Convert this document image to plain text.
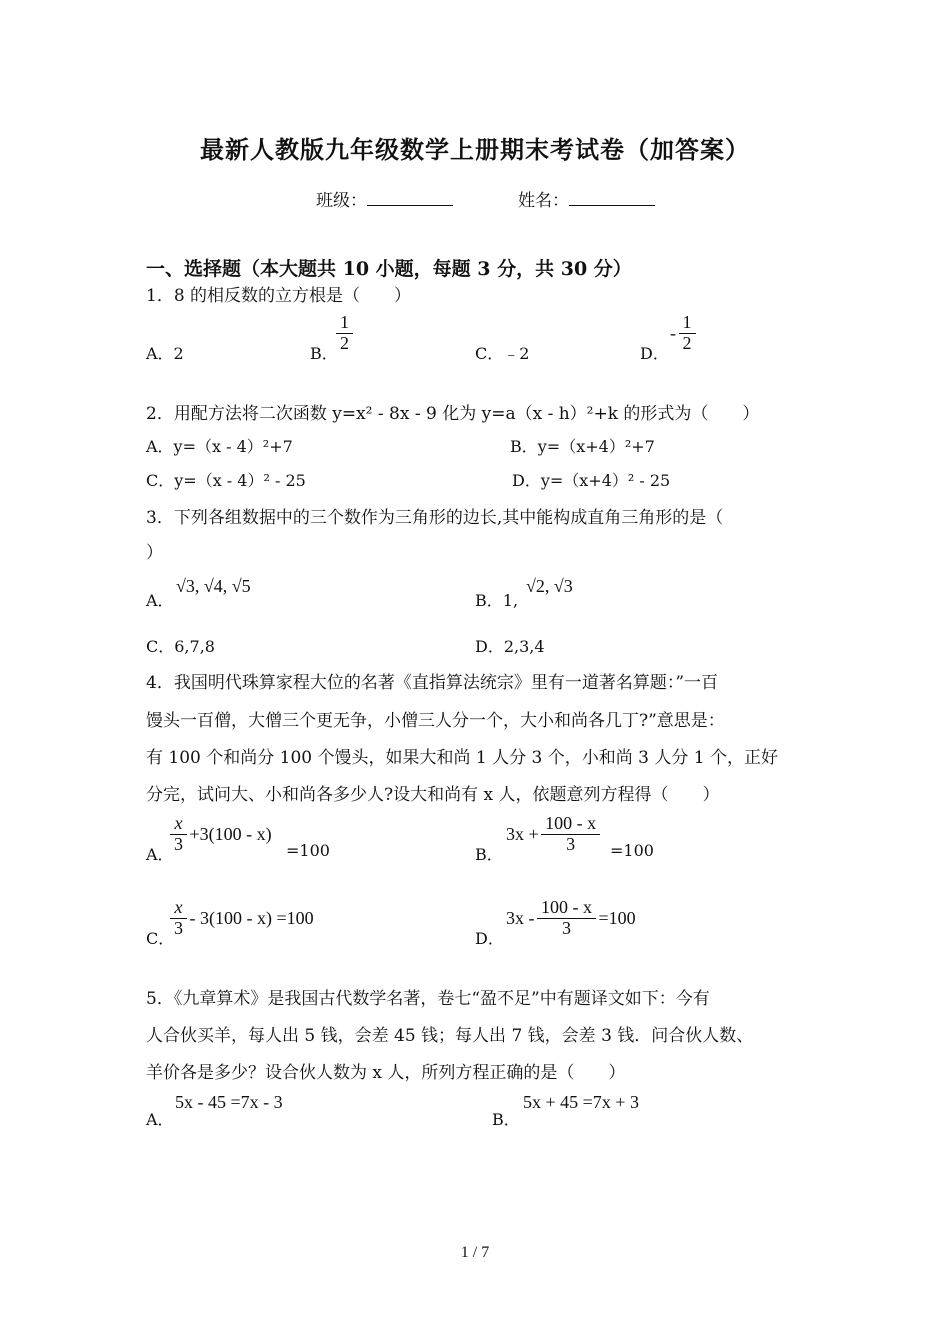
最新人教版九年级数学上册期末考试卷（加答案）
班级：	姓名：
一、选择题（本大题共 10 小题，每题 3 分，共 30 分）
1．8 的相反数的立方根是（　　）
A．2	B． $\frac{1}{2}$	C．﹣2	D．
- $\frac{1}{2}$
2．用配方法将二次函数 y=x² - 8x - 9 化为 y=a（x - h）²+k 的形式为（　　）
A．y=（x - 4）²+7	B．y=（x+4）²+7
C．y=（x - 4）² - 25	D．y=（x+4）² - 25
3．下列各组数据中的三个数作为三角形的边长,其中能构成直角三角形的是（
）
A．
√3, √4, √5
B．1,
√2, √3
C．6,7,8	D．2,3,4
4．我国明代珠算家程大位的名著《直指算法统宗》里有一道著名算题：”一百
馒头一百僧，大僧三个更无争，小僧三人分一个，大小和尚各几丁?”意思是：
有 100 个和尚分 100 个馒头，如果大和尚 1 人分 3 个，小和尚 3 人分 1 个，正好
分完，试问大、小和尚各多少人?设大和尚有 x 人，依题意列方程得（　　）
A．
$\frac{x}{3} +3(100 - x)$
=100	B．
$3x + \frac{100 - x}{3} =100$
C．
$\frac{x}{3} - 3(100 - x) =100$
D．
$3x - \frac{100 - x}{3} =100$
5．《九章算术》是我国古代数学名著，卷七“盈不足”中有题译文如下：今有
人合伙买羊，每人出 5 钱，会差 45 钱；每人出 7 钱，会差 3 钱．问合伙人数、
羊价各是多少？设合伙人数为 x 人，所列方程正确的是（　　）
A．
5x - 45 =7x - 3
B．
5x + 45 =7x + 3
1 / 7
